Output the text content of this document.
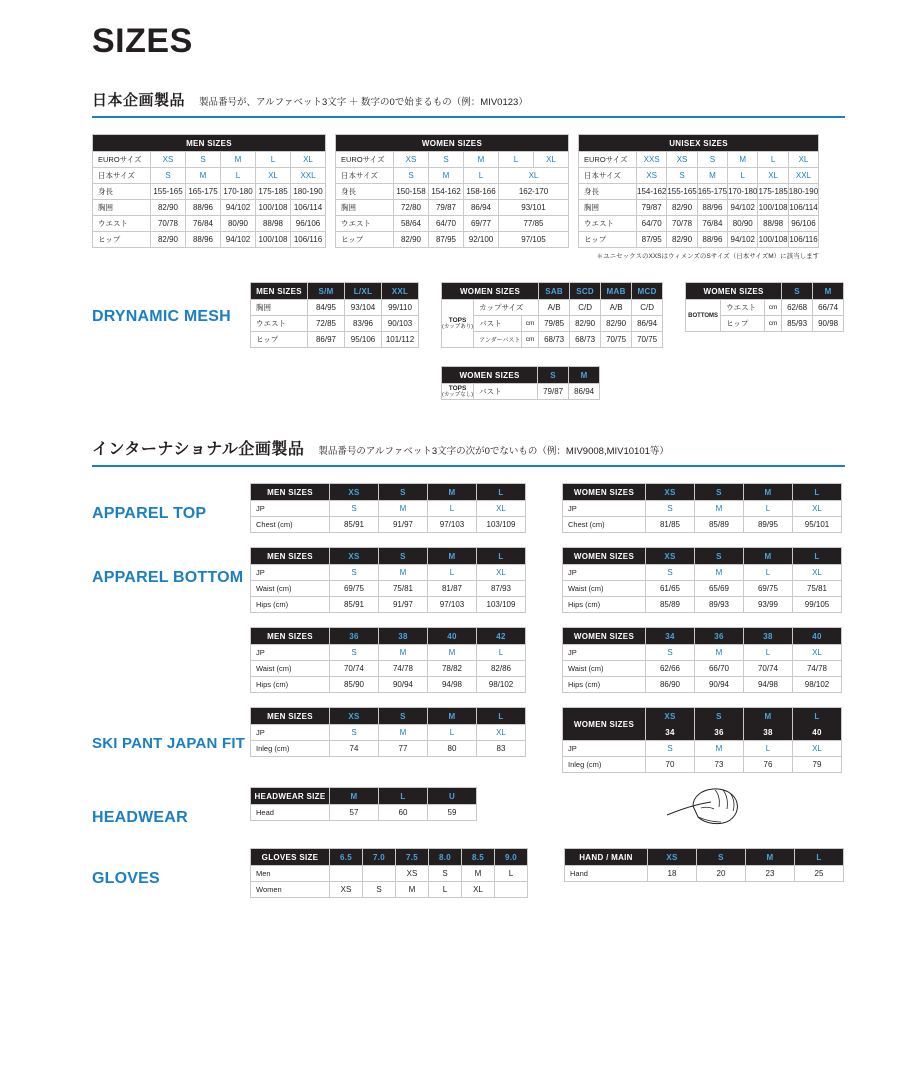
SIZES
日本企画製品 製品番号が、アルファベット3文字 ＋ 数字の0で始まるもの（例：MIV0123）
MEN SIZES					
EUROサイズ	XS	S	M	L	XL
日本サイズ	S	M	L	XL	XXL
身長	155-165	165-175	170-180	175-185	180-190
胸囲	82/90	88/96	94/102	100/108	106/114
ウエスト	70/78	76/84	80/90	88/98	96/106
ヒップ	82/90	88/96	94/102	100/108	106/116
WOMEN SIZES					
EUROサイズ	XS	S	M	L	XL
日本サイズ	S	M	L	XL	
身長	150-158	154-162	158-166	162-170	
胸囲	72/80	79/87	86/94	93/101	
ウエスト	58/64	64/70	69/77	77/85	
ヒップ	82/90	87/95	92/100	97/105	
UNISEX SIZES						
EUROサイズ	XXS	XS	S	M	L	XL
日本サイズ	XS	S	M	L	XL	XXL
身長	154-162	155-165	165-175	170-180	175-185	180-190
胸囲	79/87	82/90	88/96	94/102	100/108	106/114
ウエスト	64/70	70/78	76/84	80/90	88/98	96/106
ヒップ	87/95	82/90	88/96	94/102	100/108	106/116
＊ユニセックスのXXSはウィメンズのSサイズ（日本サイズM）に該当します
DRYNAMIC MESH
MEN SIZES	S/M	L/XL	XXL
胸囲	84/95	93/104	99/110
ウエスト	72/85	83/96	90/103
ヒップ	86/97	95/106	101/112
WOMEN SIZES			SAB	SCD	MAB	MCD

TOPS
(カップあり)	カップサイズ		A/B	C/D	A/B	C/D
	バスト	cm	79/85	82/90	82/90	86/94
	アンダーバスト	cm	68/73	68/73	70/75	70/75
WOMEN SIZES		S	M

TOPS
(カップなし)	バスト	79/87	86/94
WOMEN SIZES			S	M
BOTTOMS	ウエスト	cm	62/68	66/74
	ヒップ	cm	85/93	90/98
インターナショナル企画製品 製品番号のアルファベット3文字の次が0でないもの（例：MIV9008,MIV10101等）
APPAREL TOP
MEN SIZES	XS	S	M	L
JP	S	M	L	XL
Chest (cm)	85/91	91/97	97/103	103/109
WOMEN SIZES	XS	S	M	L
JP	S	M	L	XL
Chest (cm)	81/85	85/89	89/95	95/101
APPAREL BOTTOM
MEN SIZES	XS	S	M	L
JP	S	M	L	XL
Waist (cm)	69/75	75/81	81/87	87/93
Hips (cm)	85/91	91/97	97/103	103/109
WOMEN SIZES	XS	S	M	L
JP	S	M	L	XL
Waist (cm)	61/65	65/69	69/75	75/81
Hips (cm)	85/89	89/93	93/99	99/105
MEN SIZES	36	38	40	42
JP	S	M	M	L
Waist (cm)	70/74	74/78	78/82	82/86
Hips (cm)	85/90	90/94	94/98	98/102
WOMEN SIZES	34	36	38	40
JP	S	M	L	XL
Waist (cm)	62/66	66/70	70/74	74/78
Hips (cm)	86/90	90/94	94/98	98/102
SKI PANT JAPAN FIT
MEN SIZES	XS	S	M	L
JP	S	M	L	XL
Inleg (cm)	74	77	80	83
WOMEN SIZES	XS	S	M	L
	34	36	38	40
JP	S	M	L	XL
Inleg (cm)	70	73	76	79
HEADWEAR
HEADWEAR SIZE	M	L	U
Head	57	60	59
GLOVES
GLOVES SIZE	6.5	7.0	7.5	8.0	8.5	9.0
Men			XS	S	M	L
Women	XS	S	M	L	XL	
HAND / MAIN	XS	S	M	L
Hand	18	20	23	25
